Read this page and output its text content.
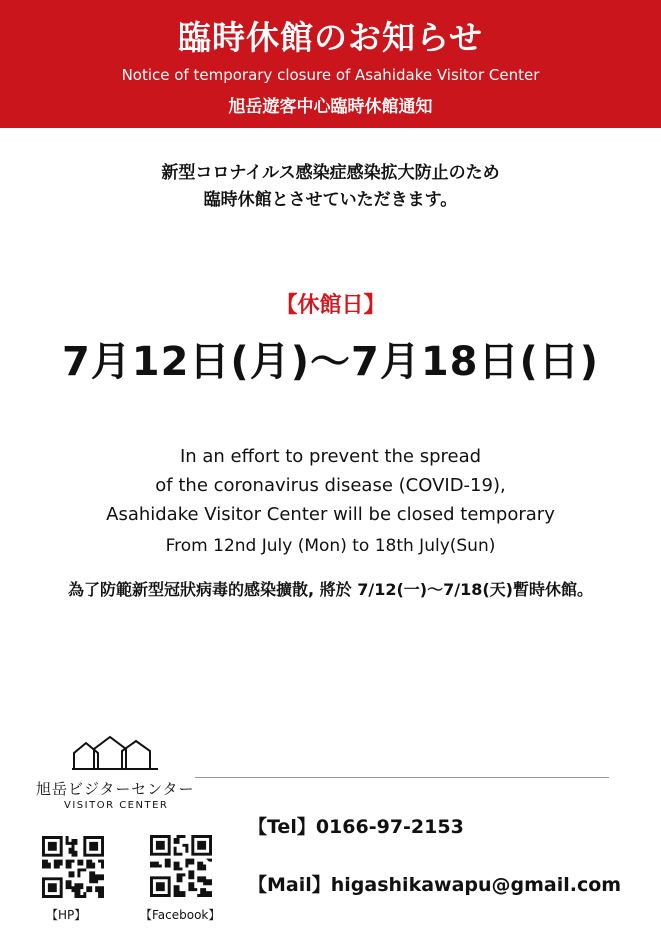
臨時休館のお知らせ
Notice of temporary closure of Asahidake Visitor Center
旭岳遊客中心臨時休館通知
新型コロナイルス感染症感染拡大防止のため
臨時休館とさせていただきます。
【休館日】
7月12日(月)～7月18日(日)
In an effort to prevent the spread
of the coronavirus disease (COVID-19),
Asahidake Visitor Center will be closed temporary
From 12nd July (Mon) to 18th July(Sun)
為了防範新型冠狀病毒的感染擴散, 將於 7/12(一)～7/18(天)暫時休館。
旭岳ビジターセンター
VISITOR CENTER
【HP】	【Facebook】
【Tel】0166-97-2153
【Mail】higashikawapu@gmail.com
